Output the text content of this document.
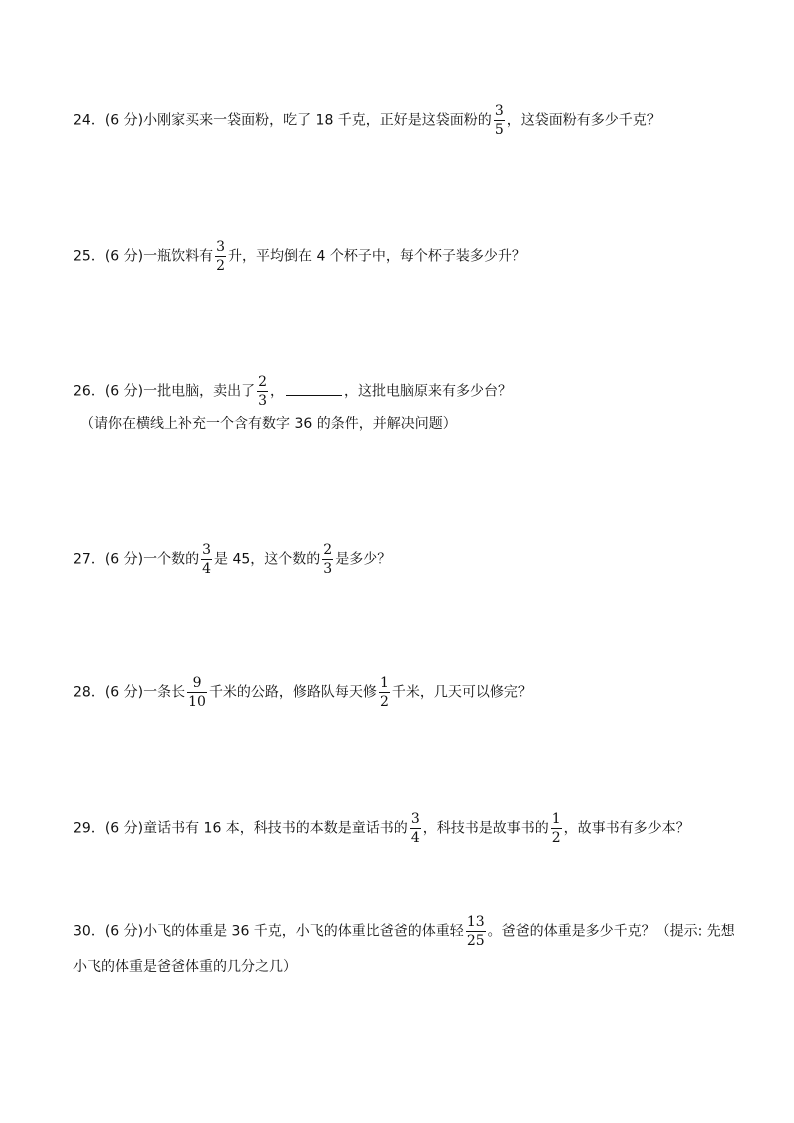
24．(6 分)小刚家买来一袋面粉，吃了 18 千克，正好是这袋面粉的 $\frac{3}{5}$ ，这袋面粉有多少千克？
25．(6 分)一瓶饮料有 $\frac{3}{2}$ 升，平均倒在 4 个杯子中，每个杯子装多少升？
26．(6 分)一批电脑，卖出了 $\frac{2}{3}$ ，	，这批电脑原来有多少台？
（请你在横线上补充一个含有数字 36 的条件，并解决问题）
27．(6 分)一个数的 $\frac{3}{4}$ 是 45，这个数的 $\frac{2}{3}$ 是多少？
28．(6 分)一条长 $\frac{9}{10}$ 千米的公路，修路队每天修 $\frac{1}{2}$ 千米，几天可以修完？
29．(6 分)童话书有 16 本，科技书的本数是童话书的 $\frac{3}{4}$ ，科技书是故事书的 $\frac{1}{2}$ ，故事书有多少本？
30．(6 分)小飞的体重是 36 千克，小飞的体重比爸爸的体重轻 $\frac{13}{25}$ 。爸爸的体重是多少千克？（提示: 先想
小飞的体重是爸爸体重的几分之几）
